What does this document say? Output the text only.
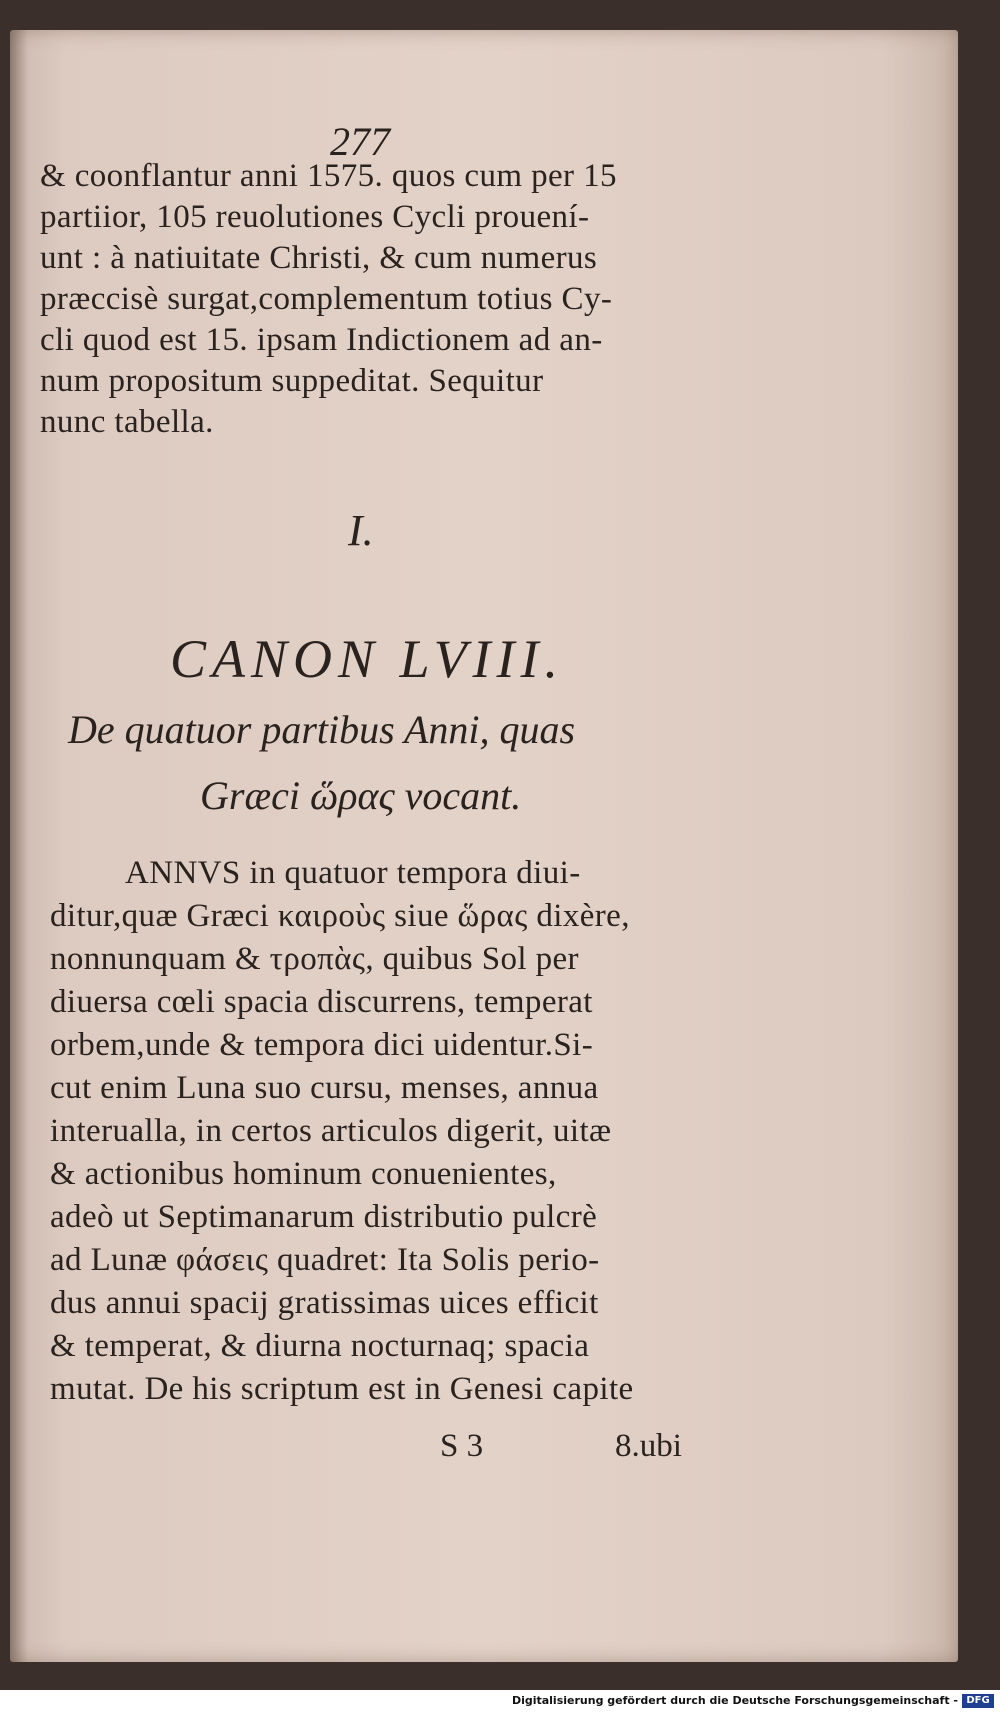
277
& coonflantur anni 1575. quos cum per 15
partiior, 105 reuolutiones Cycli prouení-
unt : à natiuitate Christi, & cum numerus
præccisè surgat,complementum totius Cy-
cli quod est 15. ipsam Indictionem ad an-
num propositum suppeditat. Sequitur
nunc tabella.
I.
CANON LVIII.
De quatuor partibus Anni, quas
Græci ὥρας vocant.
ANNVS in quatuor tempora diui-
ditur,quæ Græci καιροὺς siue ὥρας dixère,
nonnunquam & τροπὰς, quibus Sol per
diuersa cœli spacia discurrens, temperat
orbem,unde & tempora dici uidentur.Si-
cut enim Luna suo cursu, menses, annua
interualla, in certos articulos digerit, uitæ
& actionibus hominum conuenientes,
adeò ut Septimanarum distributio pulcrè
ad Lunæ φάσεις quadret: Ita Solis perio-
dus annui spacij gratissimas uices efficit
& temperat, & diurna nocturnaq; spacia
mutat. De his scriptum est in Genesi capite
S 3	8.ubi
Digitalisierung gefördert durch die Deutsche Forschungsgemeinschaft - DFG
